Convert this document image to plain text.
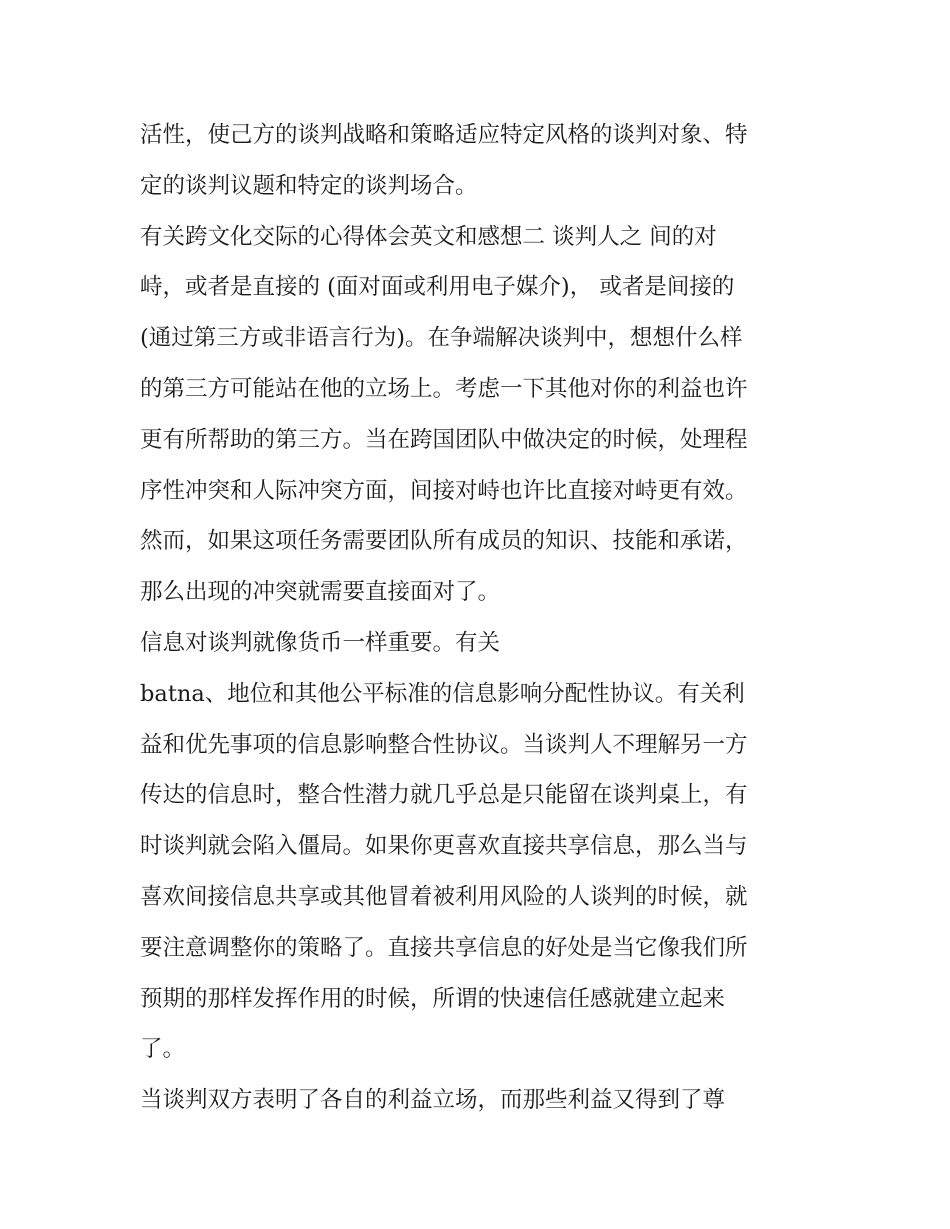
活性，使己方的谈判战略和策略适应特定风格的谈判对象、特
定的谈判议题和特定的谈判场合。
有关跨文化交际的心得体会英文和感想二 谈判人之 间的对
峙，或者是直接的 (面对面或利用电子媒介)， 或者是间接的
(通过第三方或非语言行为)。在争端解决谈判中，想想什么样
的第三方可能站在他的立场上。考虑一下其他对你的利益也许
更有所帮助的第三方。当在跨国团队中做决定的时候，处理程
序性冲突和人际冲突方面，间接对峙也许比直接对峙更有效。
然而，如果这项任务需要团队所有成员的知识、技能和承诺，
那么出现的冲突就需要直接面对了。
信息对谈判就像货币一样重要。有关
batna、地位和其他公平标准的信息影响分配性协议。有关利
益和优先事项的信息影响整合性协议。当谈判人不理解另一方
传达的信息时，整合性潜力就几乎总是只能留在谈判桌上，有
时谈判就会陷入僵局。如果你更喜欢直接共享信息，那么当与
喜欢间接信息共享或其他冒着被利用风险的人谈判的时候，就
要注意调整你的策略了。直接共享信息的好处是当它像我们所
预期的那样发挥作用的时候，所谓的快速信任感就建立起来
了。
当谈判双方表明了各自的利益立场，而那些利益又得到了尊
